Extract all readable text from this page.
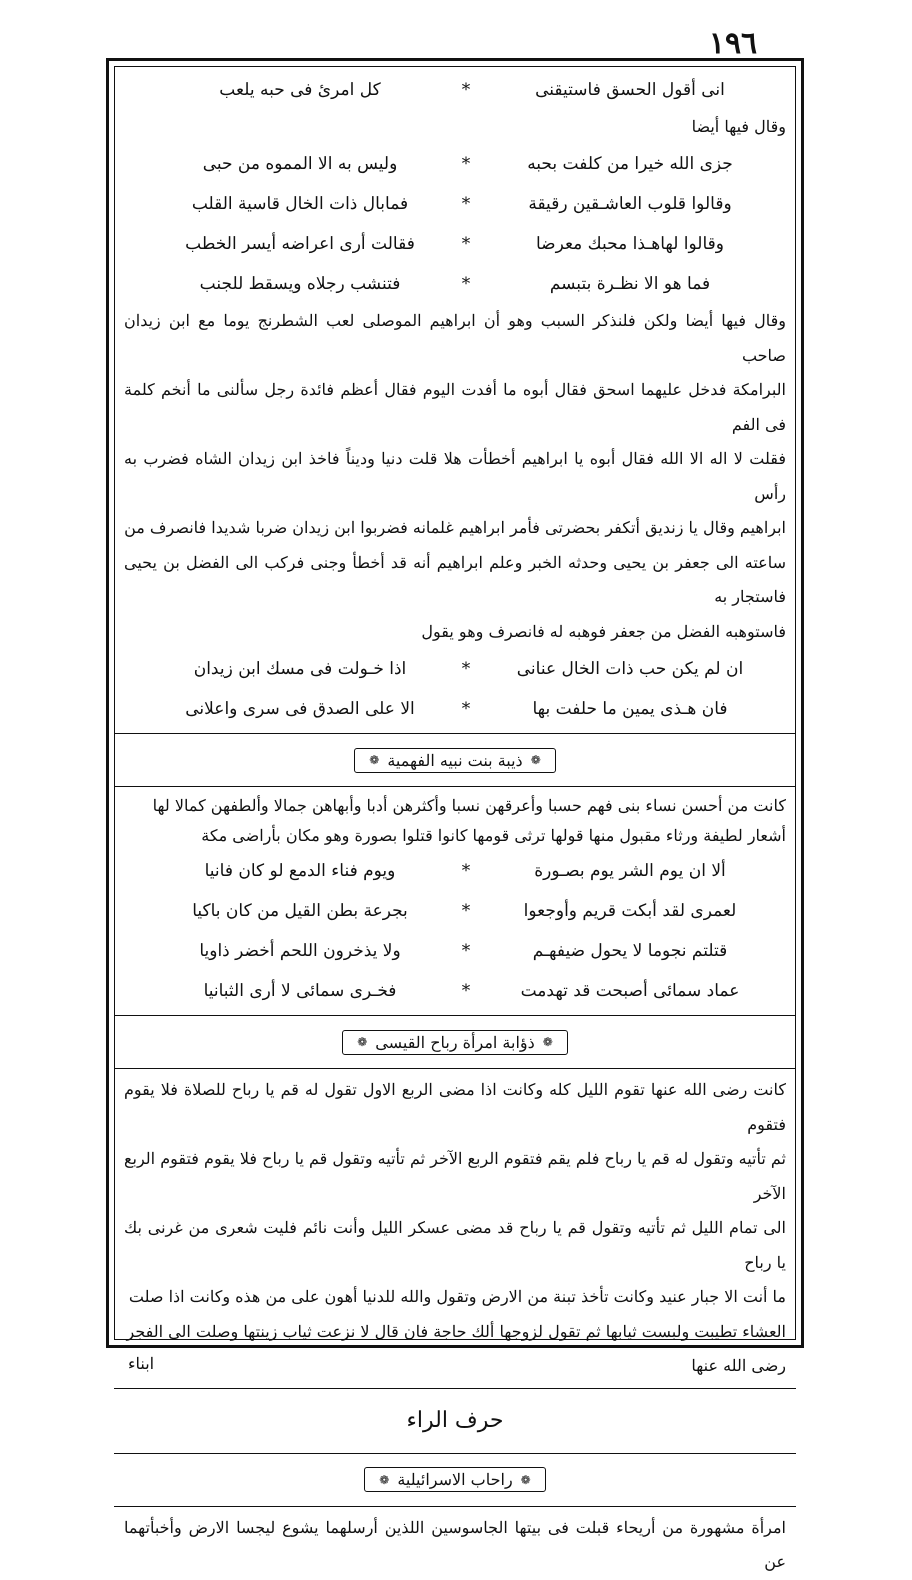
١٩٦
انى أقول الحسق فاستيقنى
*
كل امرئ فى حبه يلعب
وقال فيها أيضا
جزى الله خيرا من كلفت بحبه
*
وليس به الا المموه من حبى
وقالوا قلوب العاشـقين رقيقة
*
فمابال ذات الخال قاسية القلب
وقالوا لهاهـذا محبك معرضا
*
فقالت أرى اعراضه أيسر الخطب
فما هو الا نظـرة بتبسم
*
فتنشب رجلاه ويسقط للجنب
وقال فيها أيضا ولكن فلنذكر السبب وهو أن ابراهيم الموصلى لعب الشطرنج يوما مع ابن زيدان صاحب
البرامكة فدخل عليهما اسحق فقال أبوه ما أفدت اليوم فقال أعظم فائدة رجل سألنى ما أنخم كلمة فى الفم
فقلت لا اله الا الله فقال أبوه يا ابراهيم أخطأت هلا قلت دنيا وديناً فاخذ ابن زيدان الشاه فضرب به رأس
ابراهيم وقال يا زنديق أتكفر بحضرتى فأمر ابراهيم غلمانه فضربوا ابن زيدان ضربا شديدا فانصرف من
ساعته الى جعفر بن يحيى وحدثه الخبر وعلم ابراهيم أنه قد أخطأ وجنى فركب الى الفضل بن يحيى فاستجار به
فاستوهبه الفضل من جعفر فوهبه له فانصرف وهو يقول
ان لم يكن حب ذات الخال عنانى
*
اذا خـولت فى مسك ابن زيدان
فان هـذى يمين ما حلفت بها
*
الا على الصدق فى سرى واعلانى
❁
ذيبة بنت نبيه الفهمية
❁
كانت من أحسن نساء بنى فهم حسبا وأعرقهن نسبا وأكثرهن أدبا وأبهاهن جمالا وألطفهن كمالا لها
أشعار لطيفة ورثاء مقبول منها قولها ترثى قومها كانوا قتلوا بصورة وهو مكان بأراضى مكة
ألا ان يوم الشر يوم بصـورة
*
ويوم فناء الدمع لو كان فانيا
لعمرى لقد أبكت قريم وأوجعوا
*
بجرعة بطن القيل من كان باكيا
قتلتم نجوما لا يحول ضيفهـم
*
ولا يذخرون اللحم أخضر ذاويا
عماد سمائى أصبحت قد تهدمت
*
فخـرى سمائى لا أرى الثبانيا
❁
ذؤابة امرأة رباح القيسى
❁
كانت رضى الله عنها تقوم الليل كله وكانت اذا مضى الربع الاول تقول له قم يا رباح للصلاة فلا يقوم فتقوم
ثم تأتيه وتقول له قم يا رباح فلم يقم فتقوم الربع الآخر ثم تأتيه وتقول قم يا رباح فلا يقوم فتقوم الربع الآخر
الى تمام الليل ثم تأتيه وتقول قم يا رباح قد مضى عسكر الليل وأنت نائم فليت شعرى من غرنى بك يا رباح
ما أنت الا جبار عنيد وكانت تأخذ تبنة من الارض وتقول والله للدنيا أهون على من هذه وكانت اذا صلت
العشاء تطيبت ولبست ثيابها ثم تقول لزوجها ألك حاجة فان قال لا نزعت ثياب زينتها وصلت الى الفجر
رضى الله عنها
حرف الراء
❁
راحاب الاسرائيلية
❁
امرأة مشهورة من أريحاء قبلت فى بيتها الجاسوسين اللذين أرسلهما يشوع ليجسا الارض وأخبأتهما عن
ابناء
